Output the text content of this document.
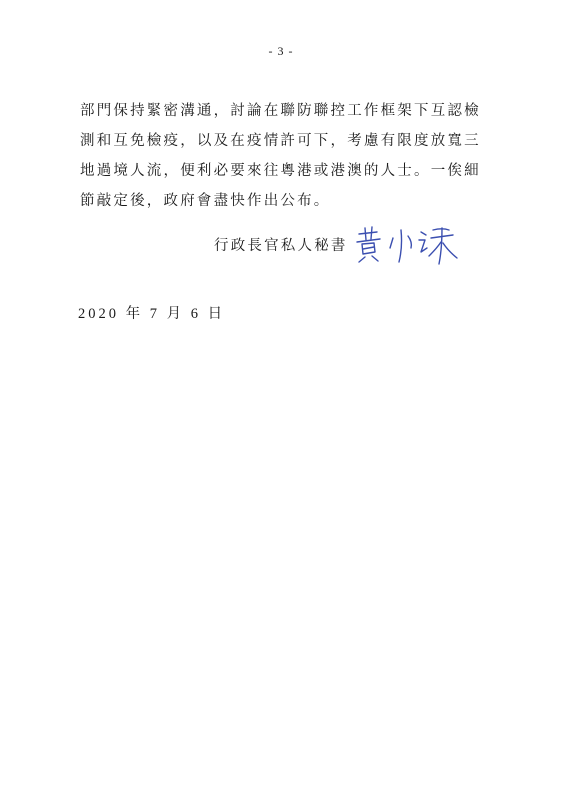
- 3 -
部門保持緊密溝通，討論在聯防聯控工作框架下互認檢
測和互免檢疫，以及在疫情許可下，考慮有限度放寬三
地過境人流，便利必要來往粵港或港澳的人士。一俟細
節敲定後，政府會盡快作出公布。
行政長官私人秘書
2020 年 7 月 6 日
